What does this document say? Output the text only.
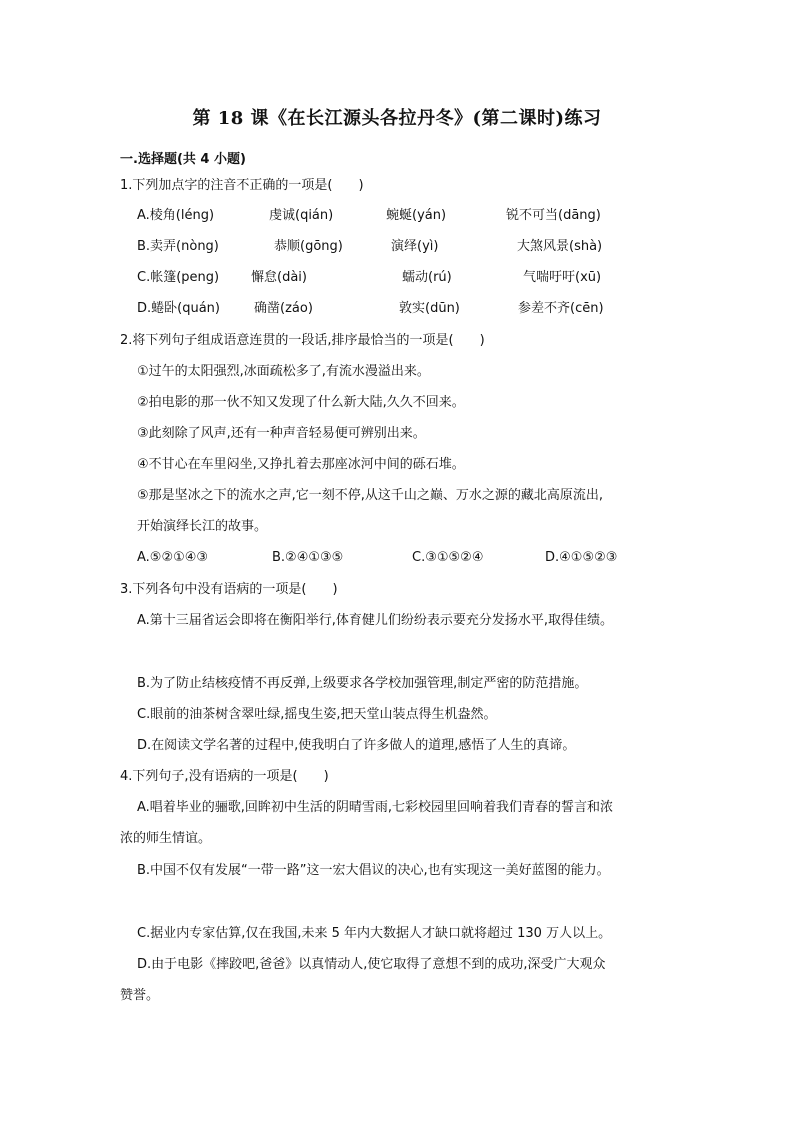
第 18 课《在长江源头各拉丹冬》(第二课时)练习
一.选择题(共 4 小题)
1.下列加点字的注音不正确的一项是(　　)
A.棱角(léng)	虔诚(qián)	蜿蜒(yán)	锐不可当(dāng)
B.卖弄(nòng)	恭顺(gōng)	演绎(yì)	大煞风景(shà)
C.帐篷(peng) 懈怠(dài)	蠕动(rú)	气喘吁吁(xū)
D.蜷卧(quán)	确凿(záo)	敦实(dūn)	参差不齐(cēn)
2.将下列句子组成语意连贯的一段话,排序最恰当的一项是(　　)
①过午的太阳强烈,冰面疏松多了,有流水漫溢出来。
②拍电影的那一伙不知又发现了什么新大陆,久久不回来。
③此刻除了风声,还有一种声音轻易便可辨别出来。
④不甘心在车里闷坐,又挣扎着去那座冰河中间的砾石堆。
⑤那是坚冰之下的流水之声,它一刻不停,从这千山之巅、万水之源的藏北高原流出,
开始演绎长江的故事。
A.⑤②①④③	B.②④①③⑤	C.③①⑤②④	D.④①⑤②③
3.下列各句中没有语病的一项是(　　)
A.第十三届省运会即将在衡阳举行,体育健儿们纷纷表示要充分发扬水平,取得佳绩。
B.为了防止结核疫情不再反弹,上级要求各学校加强管理,制定严密的防范措施。
C.眼前的油茶树含翠吐绿,摇曳生姿,把天堂山装点得生机盎然。
D.在阅读文学名著的过程中,使我明白了许多做人的道理,感悟了人生的真谛。
4.下列句子,没有语病的一项是(　　)
A.唱着毕业的骊歌,回眸初中生活的阴晴雪雨,七彩校园里回响着我们青春的誓言和浓
浓的师生情谊。
B.中国不仅有发展“一带一路”这一宏大倡议的决心,也有实现这一美好蓝图的能力。
C.据业内专家估算,仅在我国,未来 5 年内大数据人才缺口就将超过 130 万人以上。
D.由于电影《摔跤吧,爸爸》以真情动人,使它取得了意想不到的成功,深受广大观众
赞誉。
